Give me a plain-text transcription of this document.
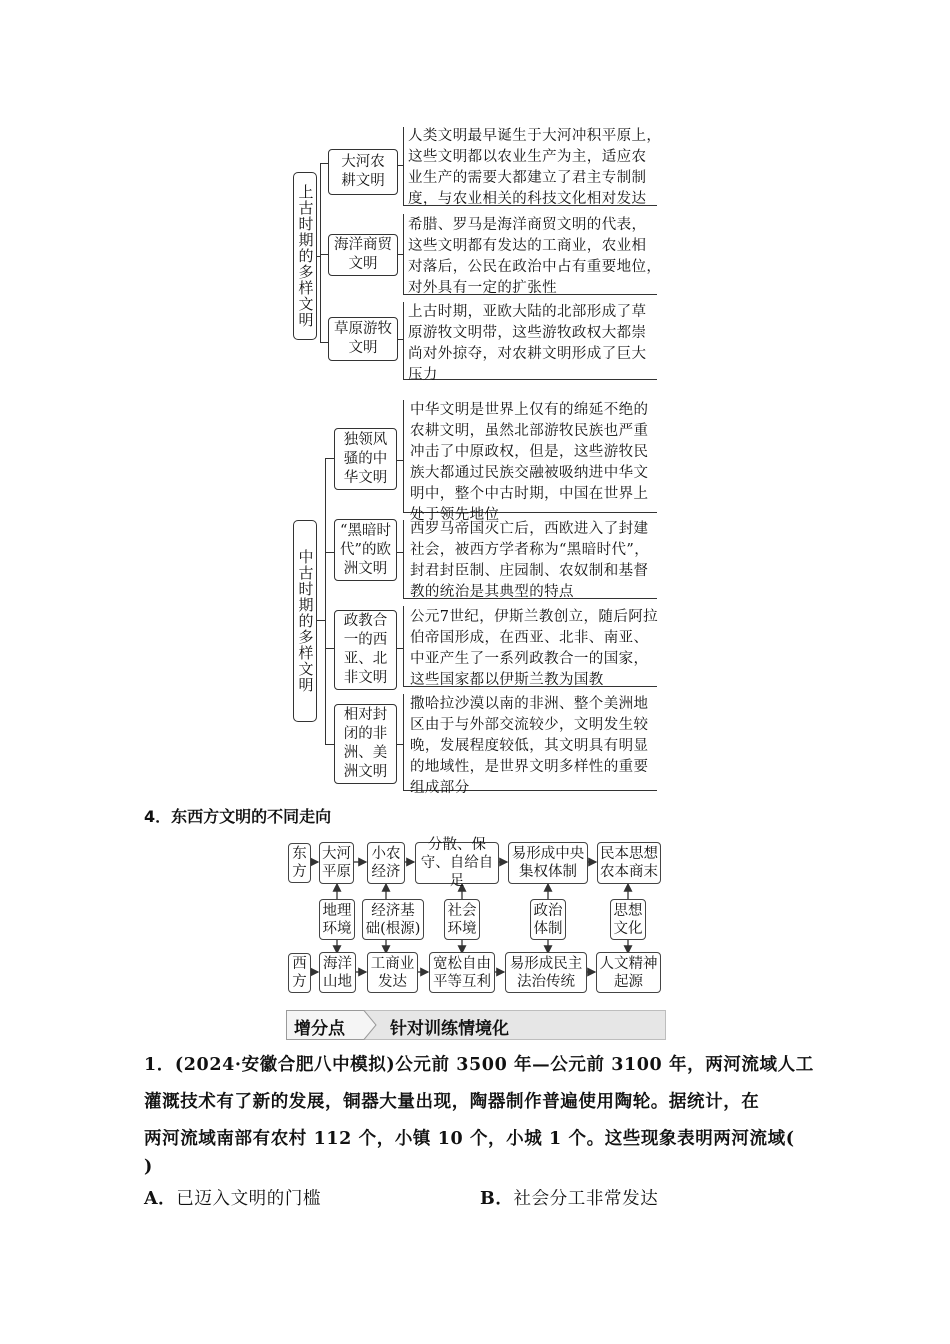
上古时期的多样文明
大河农耕文明
人类文明最早诞生于大河冲积平原上，
这些文明都以农业生产为主，适应农
业生产的需要大都建立了君主专制制
度，与农业相关的科技文化相对发达
海洋商贸文明
希腊、罗马是海洋商贸文明的代表，
这些文明都有发达的工商业，农业相
对落后，公民在政治中占有重要地位，
对外具有一定的扩张性
草原游牧文明
上古时期，亚欧大陆的北部形成了草
原游牧文明带，这些游牧政权大都崇
尚对外掠夺，对农耕文明形成了巨大
压力
中古时期的多样文明
独领风
骚的中
华文明
中华文明是世界上仅有的绵延不绝的
农耕文明，虽然北部游牧民族也严重
冲击了中原政权，但是，这些游牧民
族大都通过民族交融被吸纳进中华文
明中，整个中古时期，中国在世界上
处于领先地位
“黑暗时
代”的欧
洲文明
西罗马帝国灭亡后，西欧进入了封建
社会，被西方学者称为“黑暗时代”，
封君封臣制、庄园制、农奴制和基督
教的统治是其典型的特点
政教合
一的西
亚、北
非文明
公元7世纪，伊斯兰教创立，随后阿拉
伯帝国形成，在西亚、北非、南亚、
中亚产生了一系列政教合一的国家，
这些国家都以伊斯兰教为国教
相对封
闭的非
洲、美
洲文明
撒哈拉沙漠以南的非洲、整个美洲地
区由于与外部交流较少，文明发生较
晚，发展程度较低，其文明具有明显
的地域性，是世界文明多样性的重要
组成部分
4．东西方文明的不同走向
东方
大河平原
小农经济
分散、保守、自给自足
易形成中央集权体制
民本思想农本商末
地理环境
经济基础(根源)
社会环境
政治体制
思想文化
西方
海洋山地
工商业发达
宽松自由平等互利
易形成民主法治传统
人文精神起源
增分点	针对训练情境化
1．(2024·安徽合肥八中模拟)公元前 3500 年—公元前 3100 年，两河流域人工
灌溉技术有了新的发展，铜器大量出现，陶器制作普遍使用陶轮。据统计，在
两河流域南部有农村 112 个，小镇 10 个，小城 1 个。这些现象表明两河流域(
)
A．已迈入文明的门槛	B．社会分工非常发达
